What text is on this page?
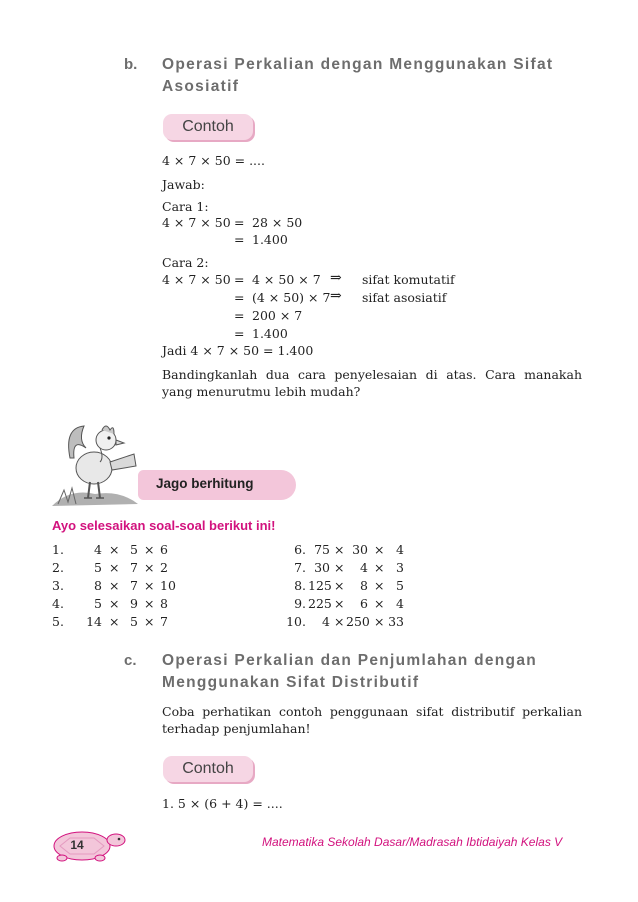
b. Operasi Perkalian dengan Menggunakan Sifat
Asosiatif
Contoh
4 × 7 × 50 = ....
Jawab:
Cara 1:
4 × 7 × 50 = 28 × 50
= 1.400
Cara 2:
4 × 7 × 50 = 4 × 50 × 7 ⇒ sifat komutatif
= (4 × 50) × 7 ⇒ sifat asosiatif
= 200 × 7
= 1.400
Jadi 4 × 7 × 50 = 1.400
Bandingkanlah dua cara penyelesaian di atas. Cara manakah yang menurutmu lebih mudah?
Jago berhitung
Ayo selesaikan soal-soal berikut ini!
1.	4 × 5 × 6
2.	5 × 7 × 2
3.	8 × 7 × 10
4.	5 × 9 × 8
5.	14 × 5 × 7
6. 75 × 30 × 4
7. 30 ×	4 × 3
8. 125 ×	8 × 5
9. 225 ×	6 × 4
10.	4 × 250 × 33
c. Operasi Perkalian dan Penjumlahan dengan
Menggunakan Sifat Distributif
Coba perhatikan contoh penggunaan sifat distributif perkalian terhadap penjumlahan!
Contoh
1. 5 × (6 + 4) = ....
14	Matematika Sekolah Dasar/Madrasah Ibtidaiyah Kelas V
